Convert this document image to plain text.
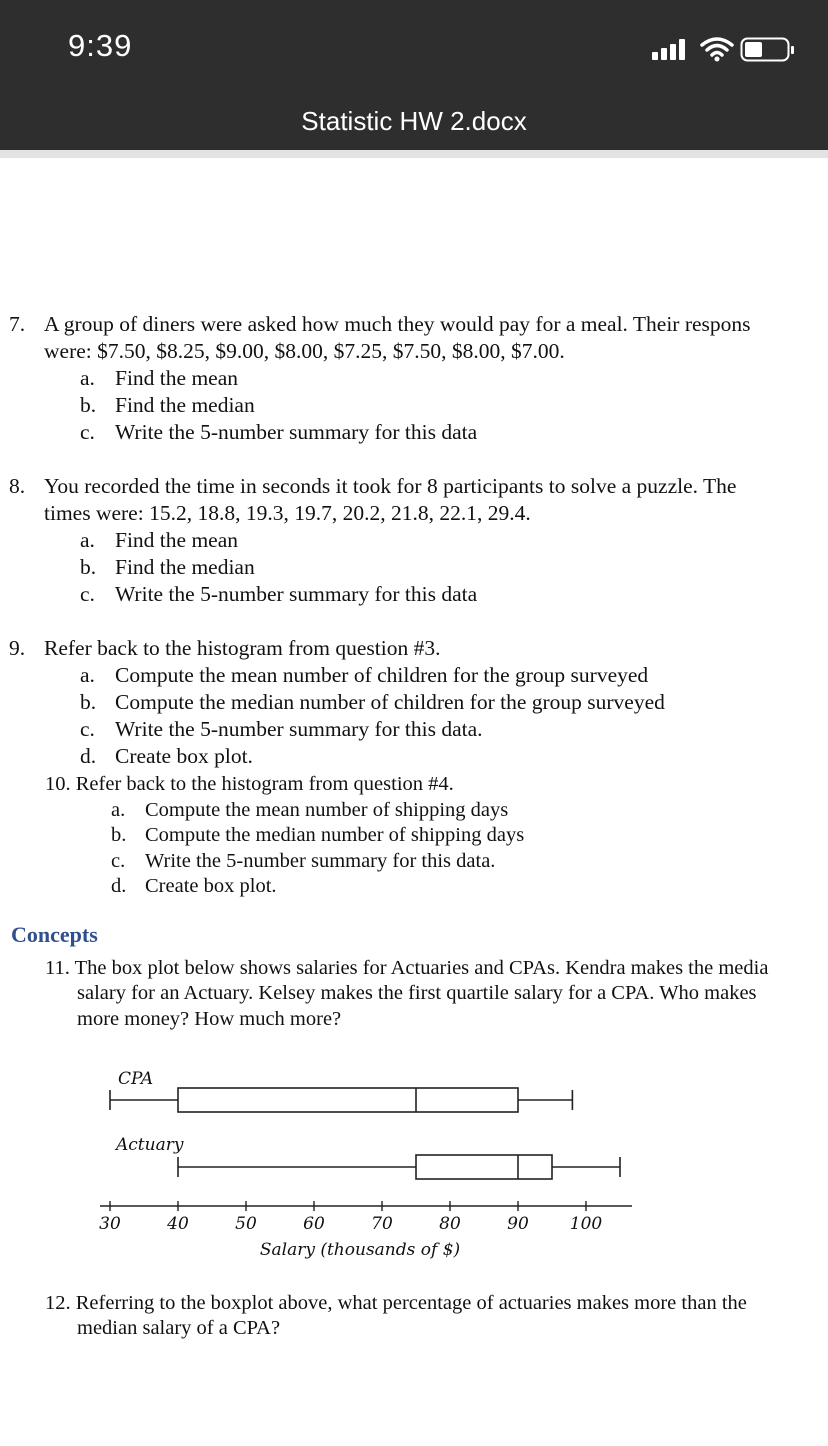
9:39
Statistic HW 2.docx
7. A group of diners were asked how much they would pay for a meal. Their respons
were: $7.50, $8.25, $9.00, $8.00, $7.25, $7.50, $8.00, $7.00.
a. Find the mean
b. Find the median
c. Write the 5-number summary for this data
8. You recorded the time in seconds it took for 8 participants to solve a puzzle. The
times were: 15.2, 18.8, 19.3, 19.7, 20.2, 21.8, 22.1, 29.4.
a. Find the mean
b. Find the median
c. Write the 5-number summary for this data
9. Refer back to the histogram from question #3.
a. Compute the mean number of children for the group surveyed
b. Compute the median number of children for the group surveyed
c. Write the 5-number summary for this data.
d. Create box plot.
10. Refer back to the histogram from question #4.
a. Compute the mean number of shipping days
b. Compute the median number of shipping days
c. Write the 5-number summary for this data.
d. Create box plot.
Concepts
11. The box plot below shows salaries for Actuaries and CPAs. Kendra makes the media
salary for an Actuary. Kelsey makes the first quartile salary for a CPA. Who makes
more money? How much more?
CPA
Actuary
Salary (thousands of $)
30	40	50	60	70	80	90 100
12. Referring to the boxplot above, what percentage of actuaries makes more than the
median salary of a CPA?
